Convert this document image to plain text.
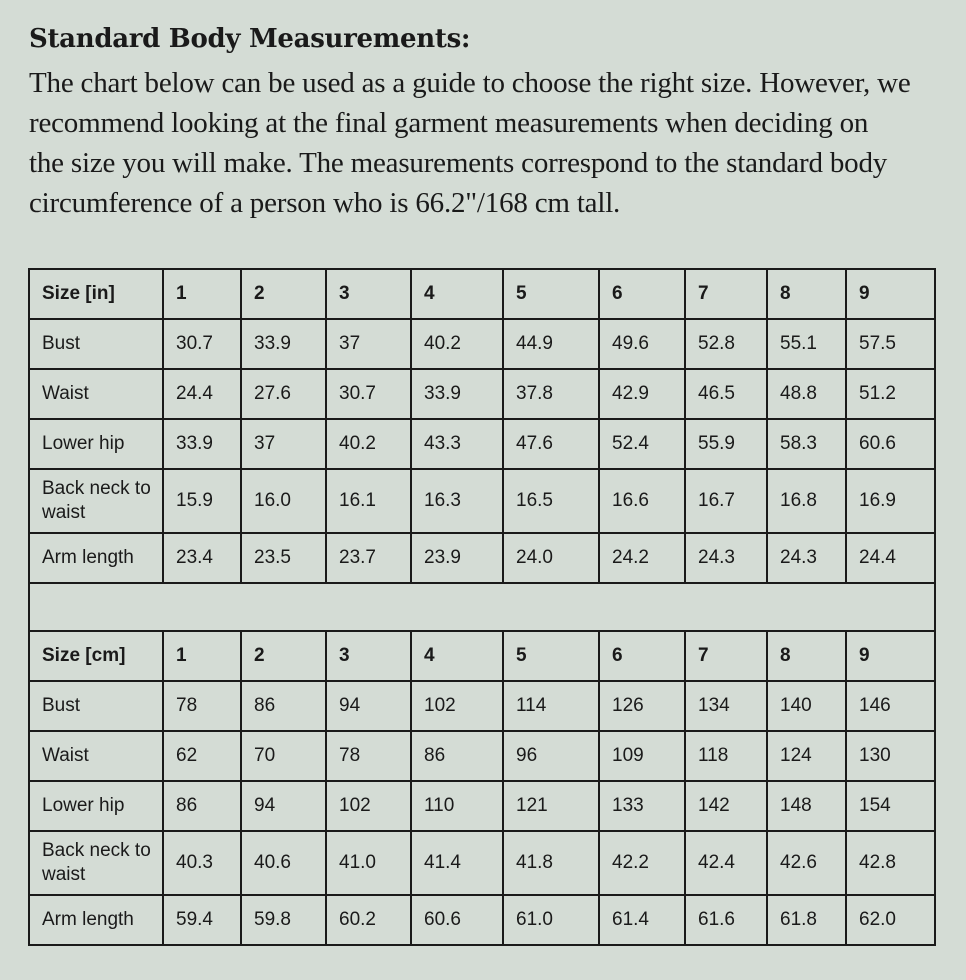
Standard Body Measurements:
The chart below can be used as a guide to choose the right size. However, we
recommend looking at the final garment measurements when deciding on
the size you will make. The measurements correspond to the standard body
circumference of a person who is 66.2"/168 cm tall.
Size [in]	1	2	3	4	5	6	7	8	9
Bust	30.7	33.9	37	40.2	44.9	49.6	52.8	55.1	57.5
Waist	24.4	27.6	30.7	33.9	37.8	42.9	46.5	48.8	51.2
Lower hip	33.9	37	40.2	43.3	47.6	52.4	55.9	58.3	60.6
Back neck to waist	15.9	16.0	16.1	16.3	16.5	16.6	16.7	16.8	16.9
Arm length	23.4	23.5	23.7	23.9	24.0	24.2	24.3	24.3	24.4

Size [cm]	1	2	3	4	5	6	7	8	9
Bust	78	86	94	102	114	126	134	140	146
Waist	62	70	78	86	96	109	118	124	130
Lower hip	86	94	102	110	121	133	142	148	154
Back neck to waist	40.3	40.6	41.0	41.4	41.8	42.2	42.4	42.6	42.8
Arm length	59.4	59.8	60.2	60.6	61.0	61.4	61.6	61.8	62.0
